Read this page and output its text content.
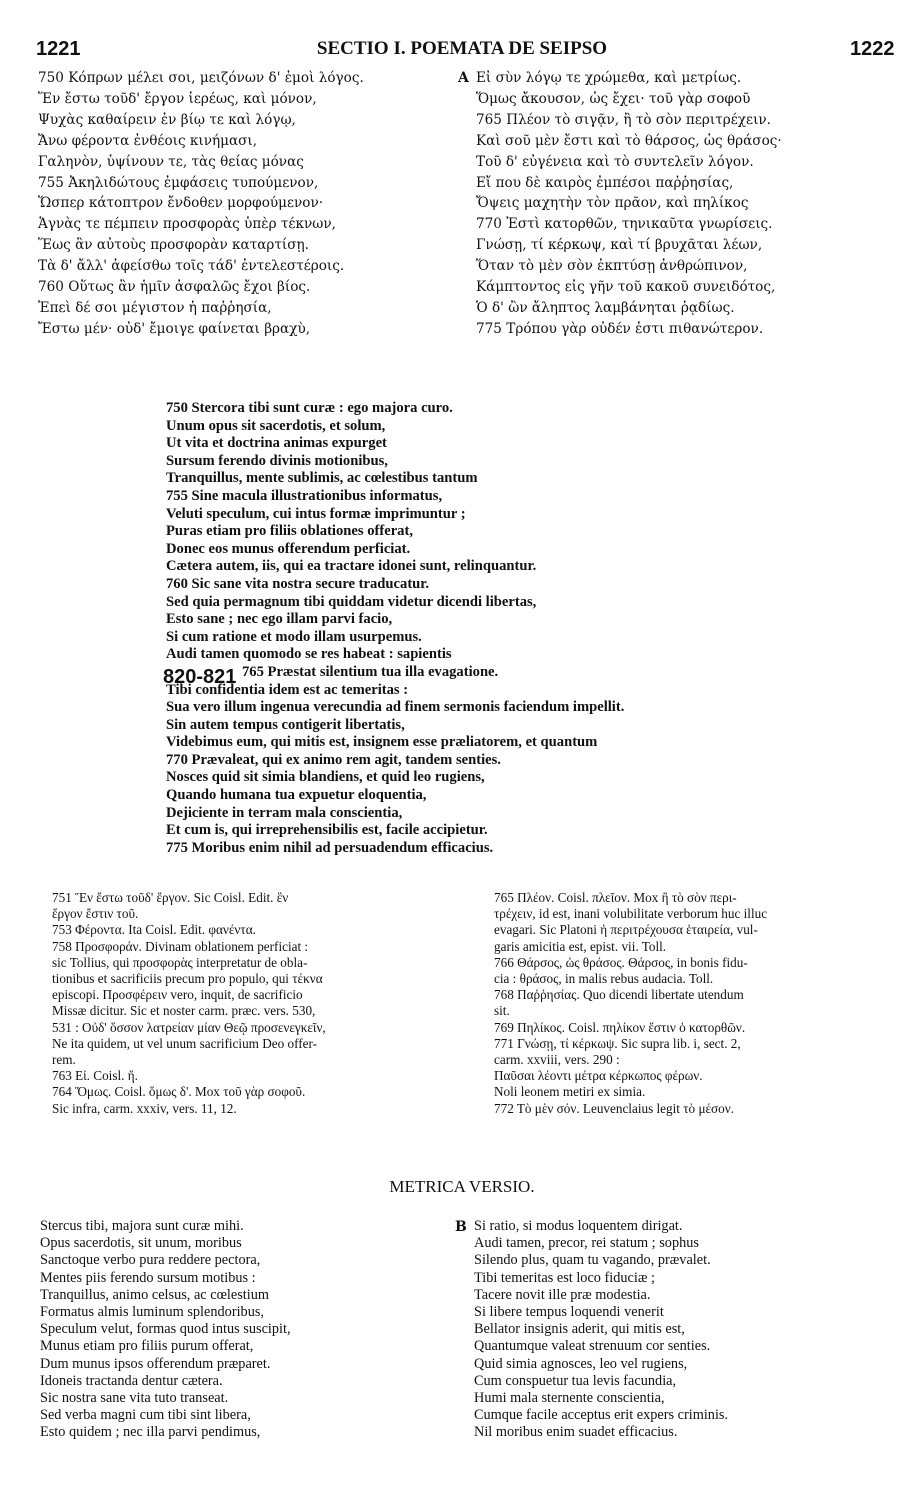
1221	SECTIO I. POEMATA DE SEIPSO	1222
750 Κόπρων μέλει σοι, μειζόνων δ' ἐμοὶ λόγος.
Ἕν ἔστω τοῦδ' ἔργον ἱερέως, καὶ μόνον,
Ψυχὰς καθαίρειν ἐν βίῳ τε καὶ λόγῳ,
Ἄνω φέροντα ἐνθέοις κινήμασι,
Γαληνὸν, ὑψίνουν τε, τὰς θείας μόνας
755 Ἀκηλιδώτους ἐμφάσεις τυπούμενον,
Ὥσπερ κάτοπτρον ἔνδοθεν μορφούμενον·
Ἁγνὰς τε πέμπειν προσφορὰς ὑπὲρ τέκνων,
Ἕως ἂν αὐτοὺς προσφορὰν καταρτίσῃ.
Τὰ δ' ἄλλ' ἀφείσθω τοῖς τάδ' ἐντελεστέροις.
760 Οὕτως ἂν ἡμῖν ἀσφαλῶς ἔχοι βίος.
Ἐπεὶ δέ σοι μέγιστον ἡ παῤῥησία,
Ἔστω μέν· οὐδ' ἔμοιγε φαίνεται βραχὺ,
A Εἰ σὺν λόγῳ τε χρώμεθα, καὶ μετρίως.
Ὅμως ἄκουσον, ὡς ἔχει· τοῦ γὰρ σοφοῦ
765 Πλέον τὸ σιγᾷν, ἢ τὸ σὸν περιτρέχειν.
Καὶ σοῦ μὲν ἔστι καὶ τὸ θάρσος, ὡς θράσος·
Τοῦ δ' εὐγένεια καὶ τὸ συντελεῖν λόγον.
Εἴ που δὲ καιρὸς ἐμπέσοι παῤῥησίας,
Ὄψεις μαχητὴν τὸν πρᾶον, καὶ πηλίκος
770 Ἐστὶ κατορθῶν, τηνικαῦτα γνωρίσεις.
Γνώσῃ, τί κέρκωψ, καὶ τί βρυχᾶται λέων,
Ὅταν τὸ μὲν σὸν ἐκπτύσῃ ἀνθρώπινον,
Κάμπτοντος εἰς γῆν τοῦ κακοῦ συνειδότος,
Ὁ δ' ὢν ἄληπτος λαμβάνηται ῥᾳδίως.
775 Τρόπου γὰρ οὐδέν ἐστι πιθανώτερον.
750 Stercora tibi sunt curæ : ego majora curo.
Unum opus sit sacerdotis, et solum,
Ut vita et doctrina animas expurget
Sursum ferendo divinis motionibus,
Tranquillus, mente sublimis, ac cœlestibus tantum
755 Sine macula illustrationibus informatus,
Veluti speculum, cui intus formæ imprimuntur ;
Puras etiam pro filiis oblationes offerat,
Donec eos munus offerendum perficiat.
Cætera autem, iis, qui ea tractare idonei sunt, relinquantur.
760 Sic sane vita nostra secure traducatur.
Sed quia permagnum tibi quiddam videtur dicendi libertas,
Esto sane ; nec ego illam parvi facio,
Si cum ratione et modo illam usurpemus.
Audi tamen quomodo se res habeat : sapientis
765 Præstat silentium tua illa evagatione.
Tibi confidentia idem est ac temeritas :
Sua vero illum ingenua verecundia ad finem sermonis faciendum impellit.
Sin autem tempus contigerit libertatis,
Videbimus eum, qui mitis est, insignem esse præliatorem, et quantum
770 Prævaleat, qui ex animo rem agit, tandem senties.
Nosces quid sit simia blandiens, et quid leo rugiens,
Quando humana tua expuetur eloquentia,
Dejiciente in terram mala conscientia,
Et cum is, qui irreprehensibilis est, facile accipietur.
775 Moribus enim nihil ad persuadendum efficacius.
820-821
751 Ἕν ἔστω τοῦδ' ἔργον. Sic Coisl. Edit. ἓν
ἔργον ἔστιν τοῦ.
753 Φέροντα. Ita Coisl. Edit. φανέντα.
758 Προσφοράν. Divinam oblationem perficiat :
sic Tollius, qui προσφορὰς interpretatur de obla-
tionibus et sacrificiis precum pro populo, qui τέκνα
episcopi. Προσφέρειν vero, inquit, de sacrificio
Missæ dicitur. Sic et noster carm. præc. vers. 530,
531 : Οὐδ' ὅσσον λατρείαν μίαν Θεῷ προσενεγκεῖν,
Ne ita quidem, ut vel unum sacrificium Deo offer-
rem.
763 Εἰ. Coisl. ἤ.
764 Ὅμως. Coisl. ὅμως δ'. Mox τοῦ γὰρ σοφοῦ.
Sic infra, carm. xxxiv, vers. 11, 12.
765 Πλέον. Coisl. πλεῖον. Mox ἢ τὸ σὸν περι-
τρέχειν, id est, inani volubilitate verborum huc illuc
evagari. Sic Platoni ἡ περιτρέχουσα ἑταιρεία, vul-
garis amicitia est, epist. vii. Toll.
766 Θάρσος, ὡς θράσος. Θάρσος, in bonis fidu-
cia : θράσος, in malis rebus audacia. Toll.
768 Παῤῥησίας. Quo dicendi libertate utendum
sit.
769 Πηλίκος. Coisl. πηλίκον ἔστιν ὁ κατορθῶν.
771 Γνώσῃ, τί κέρκωψ. Sic supra lib. i, sect. 2,
carm. xxviii, vers. 290 :
Παῦσαι λέοντι μέτρα κέρκωπος φέρων.
Noli leonem metiri ex simia.
772 Τὸ μὲν σόν. Leuvenclaius legit τὸ μέσον.
METRICA VERSIO.
Stercus tibi, majora sunt curæ mihi.
Opus sacerdotis, sit unum, moribus
Sanctoque verbo pura reddere pectora,
Mentes piis ferendo sursum motibus :
Tranquillus, animo celsus, ac cœlestium
Formatus almis luminum splendoribus,
Speculum velut, formas quod intus suscipit,
Munus etiam pro filiis purum offerat,
Dum munus ipsos offerendum præparet.
Idoneis tractanda dentur cætera.
Sic nostra sane vita tuto transeat.
Sed verba magni cum tibi sint libera,
Esto quidem ; nec illa parvi pendimus,
B Si ratio, si modus loquentem dirigat.
Audi tamen, precor, rei statum ; sophus
Silendo plus, quam tu vagando, prævalet.
Tibi temeritas est loco fiduciæ ;
Tacere novit ille præ modestia.
Si libere tempus loquendi venerit
Bellator insignis aderit, qui mitis est,
Quantumque valeat strenuum cor senties.
Quid simia agnosces, leo vel rugiens,
Cum conspuetur tua levis facundia,
Humi mala sternente conscientia,
Cumque facile acceptus erit expers criminis.
Nil moribus enim suadet efficacius.
